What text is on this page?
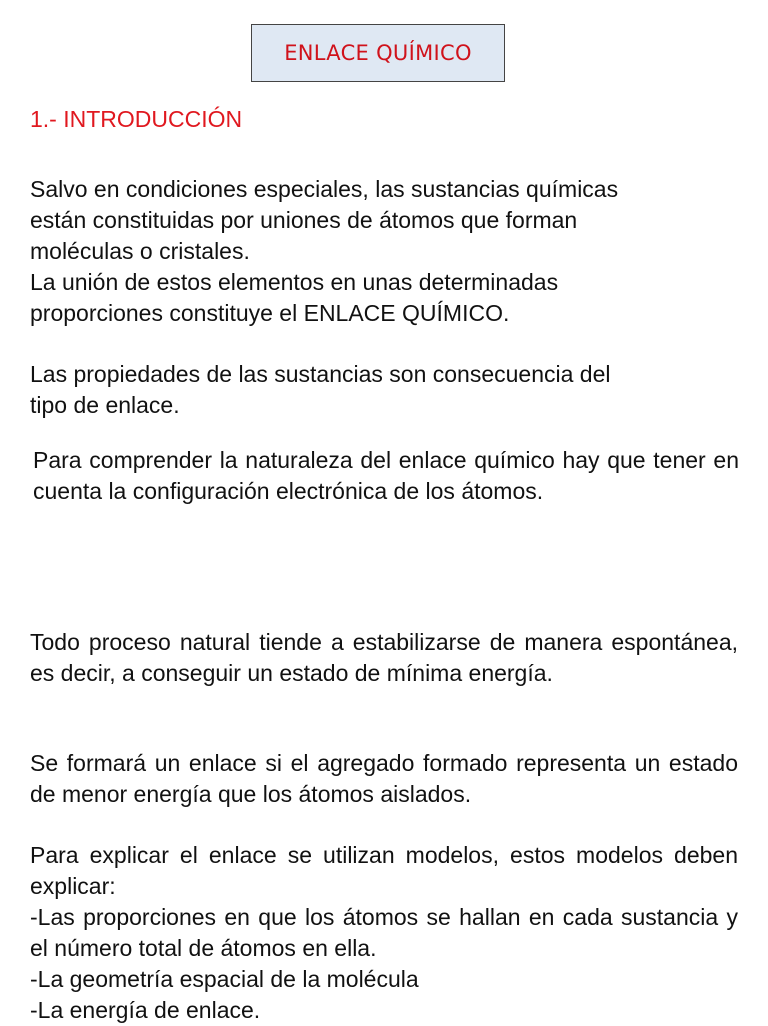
ENLACE QUÍMICO
1.- INTRODUCCIÓN

Salvo en condiciones especiales, las sustancias químicas

están constituidas por uniones de átomos que forman

moléculas o cristales.

La unión de estos elementos en unas determinadas

proporciones constituye el ENLACE QUÍMICO.

Las propiedades de las sustancias son consecuencia del

tipo de enlace.

Para comprender la naturaleza del enlace químico hay que tener en cuenta la configuración electrónica de los átomos.

Todo proceso natural tiende a estabilizarse de manera espontánea, es decir, a conseguir un estado de mínima energía.

Se formará un enlace si el agregado formado representa un estado de menor energía que los átomos aislados.

Para explicar el enlace se utilizan modelos, estos modelos deben explicar:

-Las proporciones en que los átomos se hallan en cada sustancia y el número total de átomos en ella.

-La geometría espacial de la molécula

-La energía de enlace.
